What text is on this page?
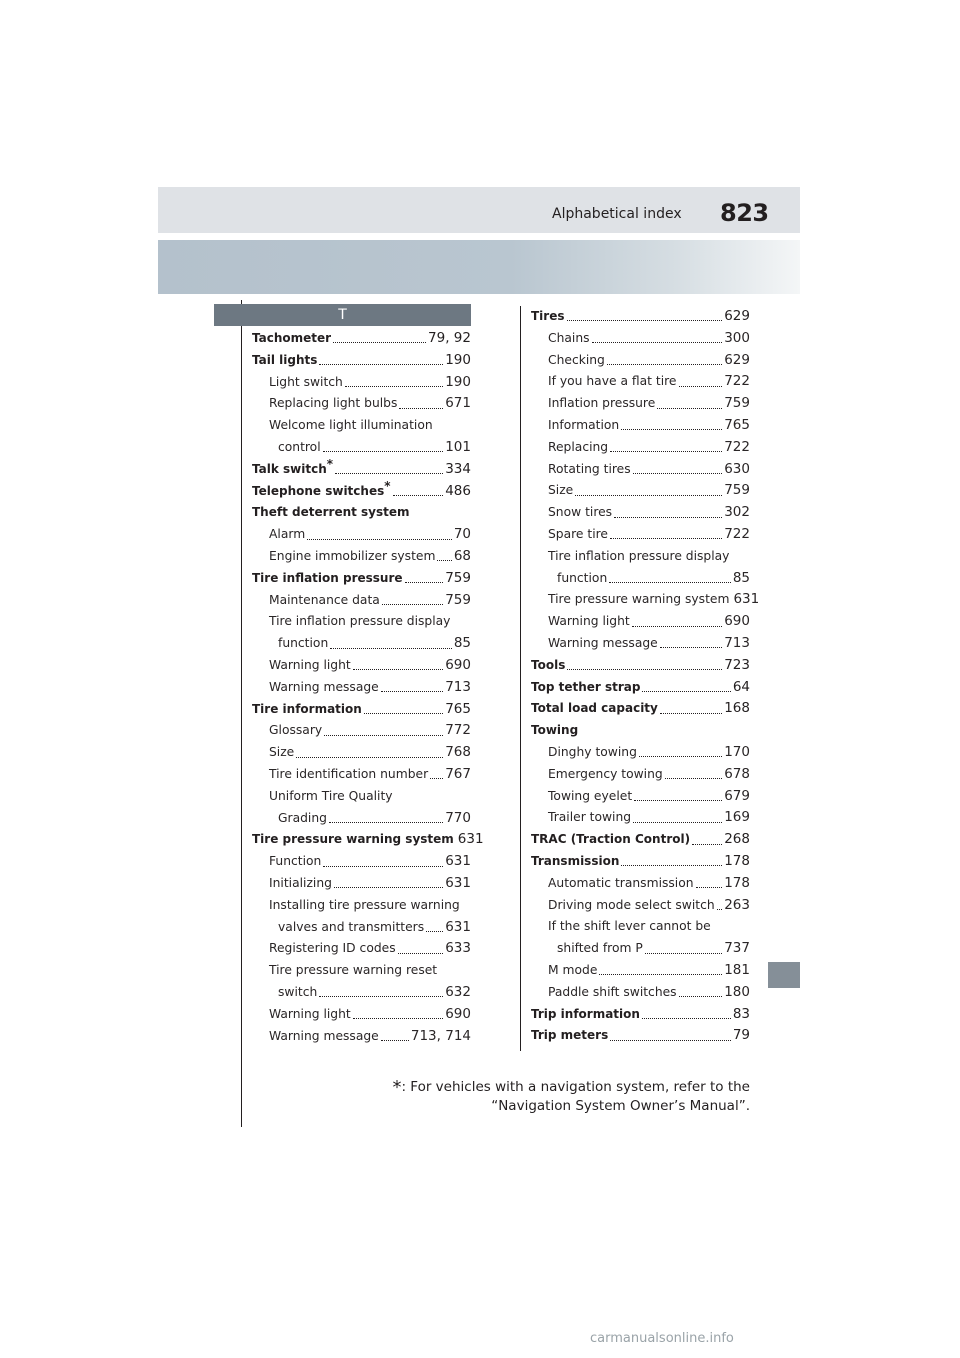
Alphabetical index 823
T
Tachometer	79, 92
Tail lights	190
Light switch	190
Replacing light bulbs	671
Welcome light illumination
control	101
Talk switch*	334
Telephone switches*	486
Theft deterrent system
Alarm	70
Engine immobilizer system 68
Tire inflation pressure	759
Maintenance data	759
Tire inflation pressure display
function	85
Warning light	690
Warning message	713
Tire information	765
Glossary	772
Size	768
Tire identification number 767
Uniform Tire Quality
Grading	770
Tire pressure warning system 631
Function	631
Initializing	631
Installing tire pressure warning
valves and transmitters 631
Registering ID codes	633
Tire pressure warning reset
switch	632
Warning light	690
Warning message 713, 714
Tires	629
Chains	300
Checking	629
If you have a flat tire	722
Inflation pressure	759
Information	765
Replacing	722
Rotating tires	630
Size	759
Snow tires	302
Spare tire	722
Tire inflation pressure display
function	85
Tire pressure warning system 631
Warning light	690
Warning message	713
Tools	723
Top tether strap	64
Total load capacity	168
Towing
Dinghy towing	170
Emergency towing	678
Towing eyelet	679
Trailer towing	169
TRAC (Traction Control)	268
Transmission	178
Automatic transmission 178
Driving mode select switch 263
If the shift lever cannot be
shifted from P	737
M mode	181
Paddle shift switches	180
Trip information	83
Trip meters	79
*: For vehicles with a navigation system, refer to the
“Navigation System Owner’s Manual”.
carmanualsonline.info
